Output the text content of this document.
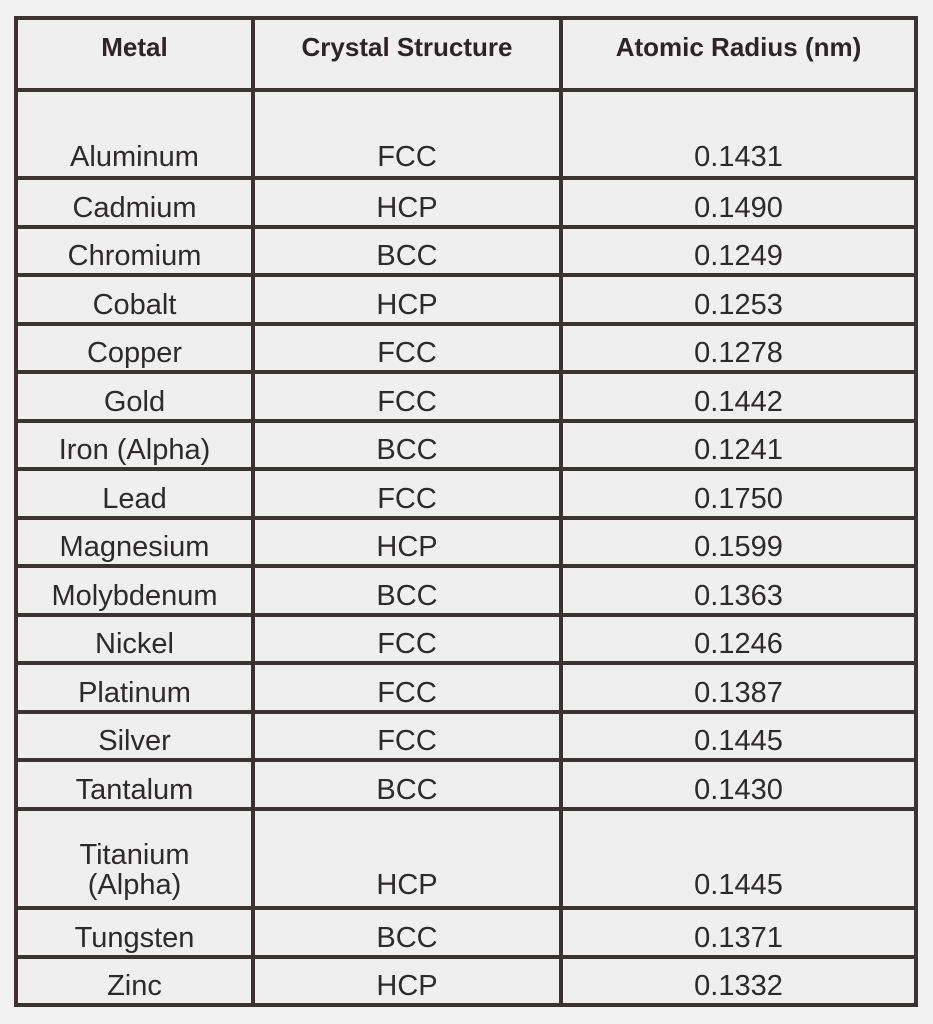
Metal	Crystal Structure	Atomic Radius (nm)
Aluminum	FCC	0.1431
Cadmium	HCP	0.1490
Chromium	BCC	0.1249
Cobalt	HCP	0.1253
Copper	FCC	0.1278
Gold	FCC	0.1442
Iron (Alpha)	BCC	0.1241
Lead	FCC	0.1750
Magnesium	HCP	0.1599
Molybdenum	BCC	0.1363
Nickel	FCC	0.1246
Platinum	FCC	0.1387
Silver	FCC	0.1445
Tantalum	BCC	0.1430
Titanium
(Alpha)	HCP	0.1445
Tungsten	BCC	0.1371
Zinc	HCP	0.1332
